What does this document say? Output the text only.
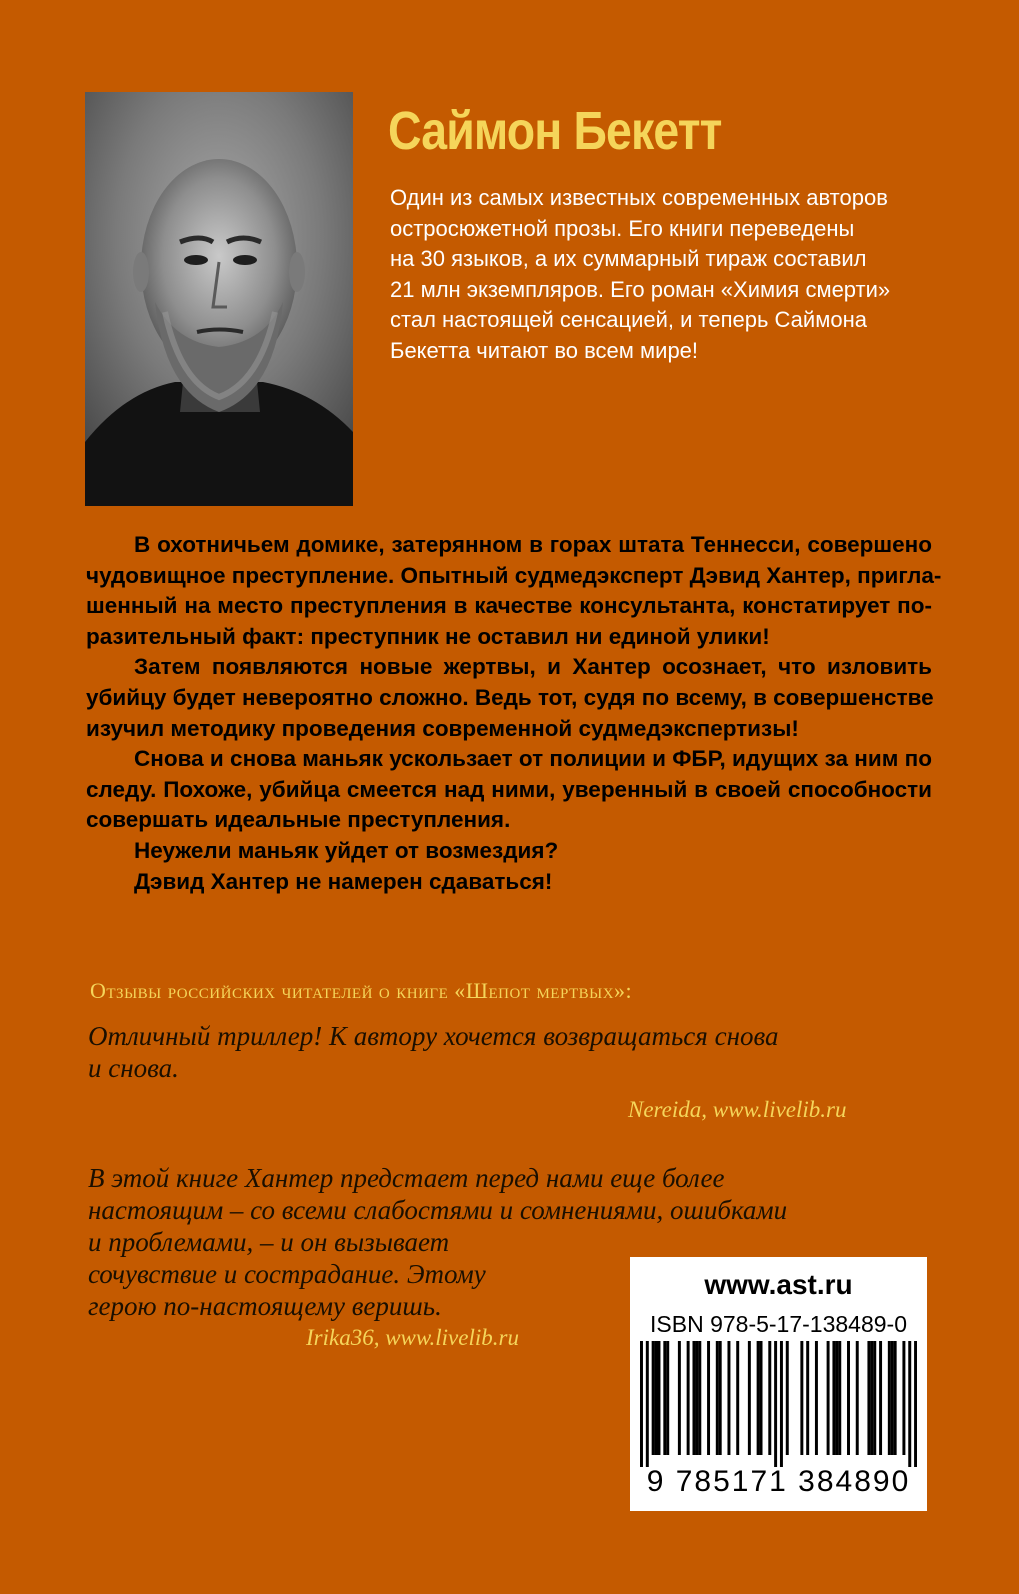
Саймон Бекетт
Один из самых известных современных авторов
остросюжетной прозы. Его книги переведены
на 30 языков, а их суммарный тираж составил
21 млн экземпляров. Его роман «Химия смерти»
стал настоящей сенсацией, и теперь Саймона
Бекетта читают во всем мире!
В охотничьем домике, затерянном в горах штата Теннесси, совершено
чудовищное преступление. Опытный судмедэксперт Дэвид Хантер, пригла-
шенный на место преступления в качестве консультанта, констатирует по-
разительный факт: преступник не оставил ни единой улики!
Затем появляются новые жертвы, и Хантер осознает, что изловить
убийцу будет невероятно сложно. Ведь тот, судя по всему, в совершенстве
изучил методику проведения современной судмедэкспертизы!
Снова и снова маньяк ускользает от полиции и ФБР, идущих за ним по
следу. Похоже, убийца смеется над ними, уверенный в своей способности
совершать идеальные преступления.
Неужели маньяк уйдет от возмездия?
Дэвид Хантер не намерен сдаваться!
Отзывы российских читателей о книге «Шепот мертвых»:
Отличный триллер! К автору хочется возвращаться снова
и снова.
Nereida, www.livelib.ru
В этой книге Хантер предстает перед нами еще более
настоящим – со всеми слабостями и сомнениями, ошибками
и проблемами, – и он вызывает
сочувствие и сострадание. Этому
герою по-настоящему веришь.
Irika36, www.livelib.ru
www.ast.ru
ISBN 978-5-17-138489-0
9 785171 384890
